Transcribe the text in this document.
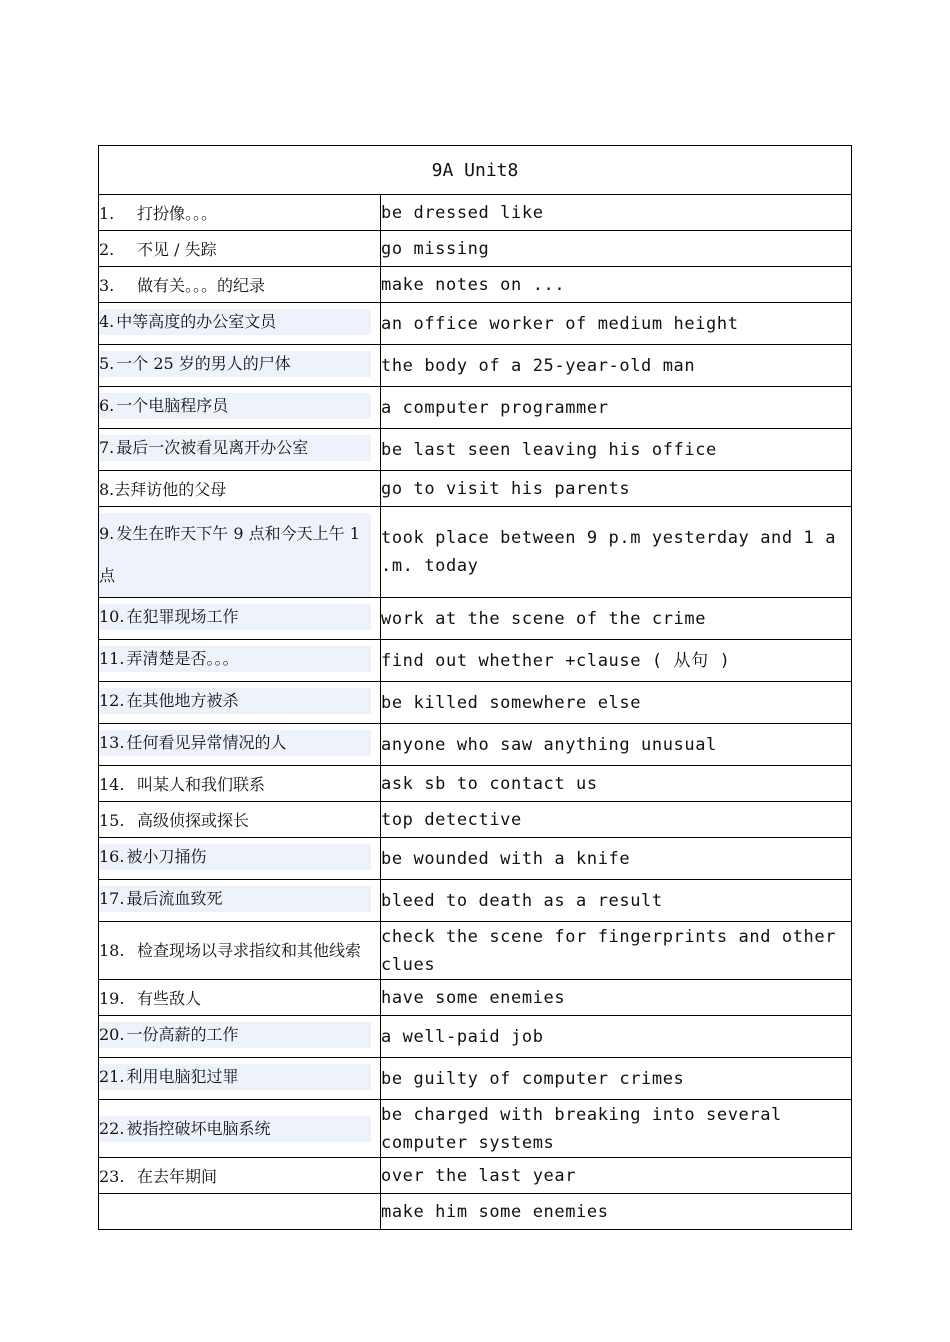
9A Unit8	
1. 打扮像。。。	be dressed like
2. 不见 / 失踪	go missing
3. 做有关。。。的纪录	make notes on ...

4. 中等高度的办公室文员	an office worker of medium height

5. 一个 25 岁的男人的尸体	the body of a 25-year-old man

6. 一个电脑程序员	a computer programmer

7. 最后一次被看见离开办公室	be last seen leaving his office
8.去拜访他的父母	go to visit his parents

9. 发生在昨天下午 9 点和今天上午 1 点	took place between 9 p.m yesterday and 1 a .m. today

10. 在犯罪现场工作	work at the scene of the crime

11. 弄清楚是否。。。	find out whether +clause ( 从句 )

12. 在其他地方被杀	be killed somewhere else

13. 任何看见异常情况的人	anyone who saw anything unusual
14. 叫某人和我们联系	ask sb to contact us
15. 高级侦探或探长	top detective

16. 被小刀捅伤	be wounded with a knife

17. 最后流血致死	bleed to death as a result

18. 检查现场以寻求指纹和其他线索	check the scene for fingerprints and other clues
19. 有些敌人	have some enemies

20. 一份高薪的工作	a well-paid job

21. 利用电脑犯过罪	be guilty of computer crimes

22. 被指控破坏电脑系统	be charged with breaking into several computer systems
23. 在去年期间	over the last year
	make him some enemies
